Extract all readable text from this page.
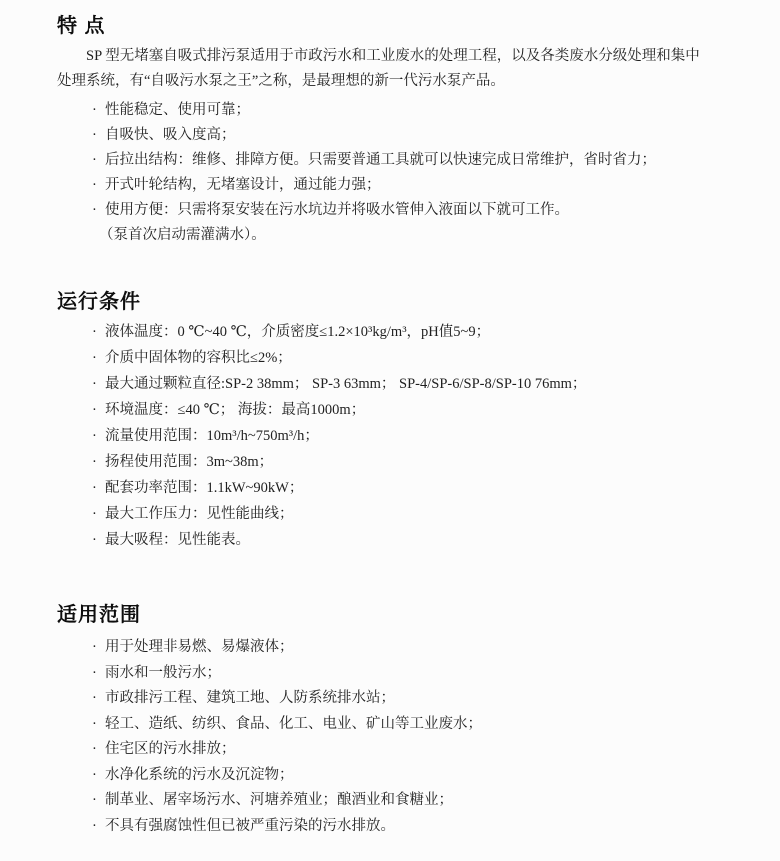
特 点

SP 型无堵塞自吸式排污泵适用于市政污水和工业废水的处理工程，以及各类废水分级处理和集中处理系统，有“自吸污水泵之王”之称，是最理想的新一代污水泵产品。

· 性能稳定、使用可靠；
· 自吸快、吸入度高；
· 后拉出结构：维修、排障方便。只需要普通工具就可以快速完成日常维护，省时省力；
· 开式叶轮结构，无堵塞设计，通过能力强；
· 使用方便：只需将泵安装在污水坑边并将吸水管伸入液面以下就可工作。
（泵首次启动需灌满水）。
运行条件
· 液体温度：0 ℃~40 ℃，介质密度≤1.2×10³kg/m³，pH值5~9；
· 介质中固体物的容积比≤2%；
· 最大通过颗粒直径:SP-2 38mm； SP-3 63mm； SP-4/SP-6/SP-8/SP-10 76mm；
· 环境温度：≤40 ℃； 海拔：最高1000m；
· 流量使用范围：10m³/h~750m³/h；
· 扬程使用范围：3m~38m；
· 配套功率范围：1.1kW~90kW；
· 最大工作压力：见性能曲线；
· 最大吸程：见性能表。
适用范围
· 用于处理非易燃、易爆液体；
· 雨水和一般污水；
· 市政排污工程、建筑工地、人防系统排水站；
· 轻工、造纸、纺织、食品、化工、电业、矿山等工业废水；
· 住宅区的污水排放；
· 水净化系统的污水及沉淀物；
· 制革业、屠宰场污水、河塘养殖业；酿酒业和食糖业；
· 不具有强腐蚀性但已被严重污染的污水排放。
